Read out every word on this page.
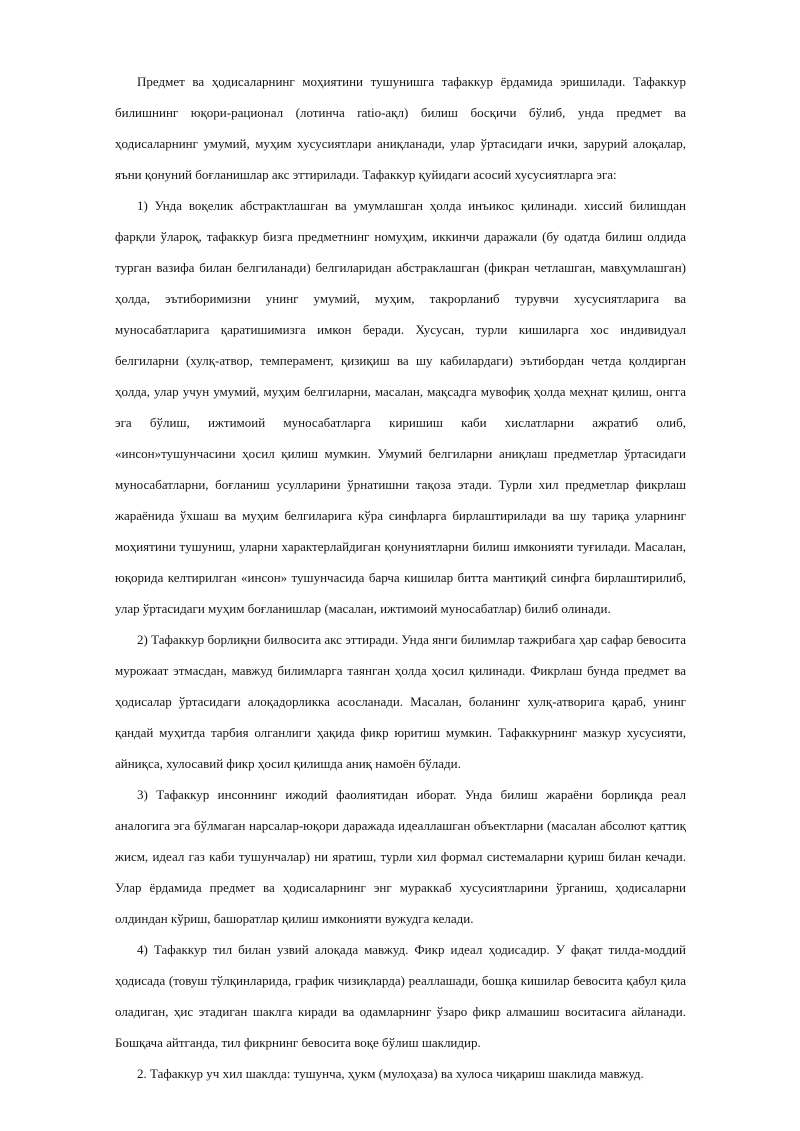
Предмет ва ҳодисаларнинг моҳиятини тушунишга тафаккур ёрдамида эришилади. Тафаккур билишнинг юқори-рационал (лотинча ratio-ақл) билиш босқичи бўлиб, унда предмет ва ҳодисаларнинг умумий, муҳим хусусиятлари аниқланади, улар ўртасидаги ички, зарурий алоқалар, яъни қонуний боғланишлар акс эттирилади. Тафаккур қуйидаги асосий хусусиятларга эга:

1) Унда воқелик абстрактлашган ва умумлашган ҳолда инъикос қилинади. хиссий билишдан фарқли ўлароқ, тафаккур бизга предметнинг номуҳим, иккинчи даражали (бу одатда билиш олдида турган вазифа билан белгиланади) белгиларидан абстраклашган (фикран четлашган, мавҳумлашган) ҳолда, эътиборимизни унинг умумий, муҳим, такрорланиб турувчи хусусиятларига ва муносабатларига қаратишимизга имкон беради. Хусусан, турли кишиларга хос индивидуал белгиларни (хулқ-атвор, темперамент, қизиқиш ва шу кабилардаги) эътибордан четда қолдирган ҳолда, улар учун умумий, муҳим белгиларни, масалан, мақсадга мувофиқ ҳолда меҳнат қилиш, онгга эга бўлиш, ижтимоий муносабатларга киришиш каби хислатларни ажратиб олиб, «инсон»тушунчасини ҳосил қилиш мумкин. Умумий белгиларни аниқлаш предметлар ўртасидаги муносабатларни, боғланиш усулларини ўрнатишни тақоза этади. Турли хил предметлар фикрлаш жараёнида ўхшаш ва муҳим белгиларига кўра синфларга бирлаштирилади ва шу тариқа уларнинг моҳиятини тушуниш, уларни характерлайдиган қонуниятларни билиш имконияти туғилади. Масалан, юқорида келтирилган «инсон» тушунчасида барча кишилар битта мантиқий синфга бирлаштирилиб, улар ўртасидаги муҳим боғланишлар (масалан, ижтимоий муносабатлар) билиб олинади.

2) Тафаккур борлиқни билвосита акс эттиради. Унда янги билимлар тажрибага ҳар сафар бевосита мурожаат этмасдан, мавжуд билимларга таянган ҳолда ҳосил қилинади. Фикрлаш бунда предмет ва ҳодисалар ўртасидаги алоқадорликка асосланади. Масалан, боланинг хулқ-атворига қараб, унинг қандай муҳитда тарбия олганлиги ҳақида фикр юритиш мумкин. Тафаккурнинг мазкур хусусияти, айниқса, хулосавий фикр ҳосил қилишда аниқ намоён бўлади.

3) Тафаккур инсоннинг ижодий фаолиятидан иборат. Унда билиш жараёни борлиқда реал аналогига эга бўлмаган нарсалар-юқори даражада идеаллашган объектларни (масалан абсолют қаттиқ жисм, идеал газ каби тушунчалар) ни яратиш, турли хил формал системаларни қуриш билан кечади. Улар ёрдамида предмет ва ҳодисаларнинг энг мураккаб хусусиятларини ўрганиш, ҳодисаларни олдиндан кўриш, башоратлар қилиш имконияти вужудга келади.

4) Тафаккур тил билан узвий алоқада мавжуд. Фикр идеал ҳодисадир. У фақат тилда-моддий ҳодисада (товуш тўлқинларида, график чизиқларда) реаллашади, бошқа кишилар бевосита қабул қила оладиган, ҳис этадиган шаклга киради ва одамларнинг ўзаро фикр алмашиш воситасига айланади. Бошқача айтганда, тил фикрнинг бевосита воқе бўлиш шаклидир.

2. Тафаккур уч хил шаклда: тушунча, ҳукм (мулоҳаза) ва хулоса чиқариш шаклида мавжуд.
